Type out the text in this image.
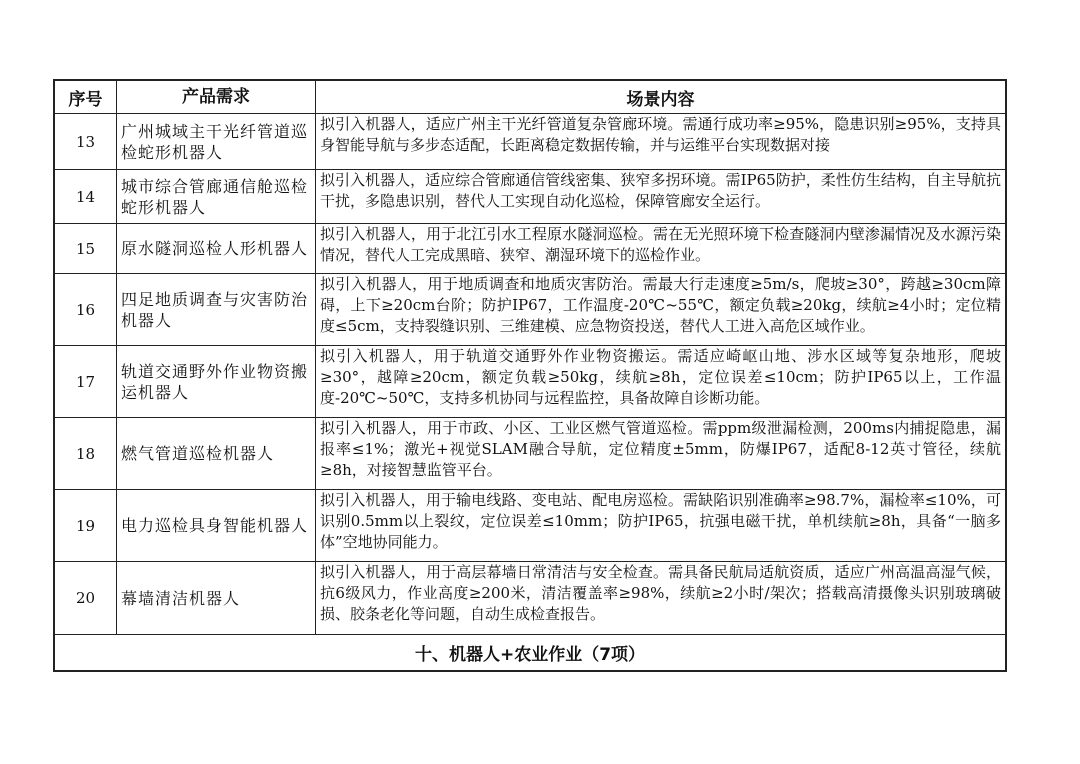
序号	产品需求	场景内容
13	广州城域主干光纤管道巡检蛇形机器人	拟引入机器人，适应广州主干光纤管道复杂管廊环境。需通行成功率≥95%，隐患识别≥95%，支持具身智能导航与多步态适配，长距离稳定数据传输，并与运维平台实现数据对接

14	城市综合管廊通信舱巡检蛇形机器人	拟引入机器人，适应综合管廊通信管线密集、狭窄多拐环境。需IP65防护，柔性仿生结构，自主导航抗干扰，多隐患识别，替代人工实现自动化巡检，保障管廊安全运行。

15	原水隧洞巡检人形机器人	拟引入机器人，用于北江引水工程原水隧洞巡检。需在无光照环境下检查隧洞内壁渗漏情况及水源污染情况，替代人工完成黑暗、狭窄、潮湿环境下的巡检作业。

16	四足地质调查与灾害防治机器人	拟引入机器人，用于地质调查和地质灾害防治。需最大行走速度≥5m/s，爬坡≥30°，跨越≥30cm障碍，上下≥20cm台阶；防护IP67，工作温度-20℃~55℃，额定负载≥20kg，续航≥4小时；定位精度≤5cm，支持裂缝识别、三维建模、应急物资投送，替代人工进入高危区域作业。

17	轨道交通野外作业物资搬运机器人	拟引入机器人，用于轨道交通野外作业物资搬运。需适应崎岖山地、涉水区域等复杂地形，爬坡≥30°，越障≥20cm，额定负载≥50kg，续航≥8h，定位误差≤10cm；防护IP65以上，工作温度-20℃~50℃，支持多机协同与远程监控，具备故障自诊断功能。

18	燃气管道巡检机器人	拟引入机器人，用于市政、小区、工业区燃气管道巡检。需ppm级泄漏检测，200ms内捕捉隐患，漏报率≤1%；激光+视觉SLAM融合导航，定位精度±5mm，防爆IP67，适配8-12英寸管径，续航≥8h，对接智慧监管平台。

19	电力巡检具身智能机器人	拟引入机器人，用于输电线路、变电站、配电房巡检。需缺陷识别准确率≥98.7%，漏检率≤10%，可识别0.5mm以上裂纹，定位误差≤10mm；防护IP65，抗强电磁干扰，单机续航≥8h，具备“一脑多体”空地协同能力。

20	幕墙清洁机器人	拟引入机器人，用于高层幕墙日常清洁与安全检查。需具备民航局适航资质，适应广州高温高湿气候，抗6级风力，作业高度≥200米，清洁覆盖率≥98%，续航≥2小时/架次；搭载高清摄像头识别玻璃破损、胶条老化等问题，自动生成检查报告。

十、机器人+农业作业（7项）		
